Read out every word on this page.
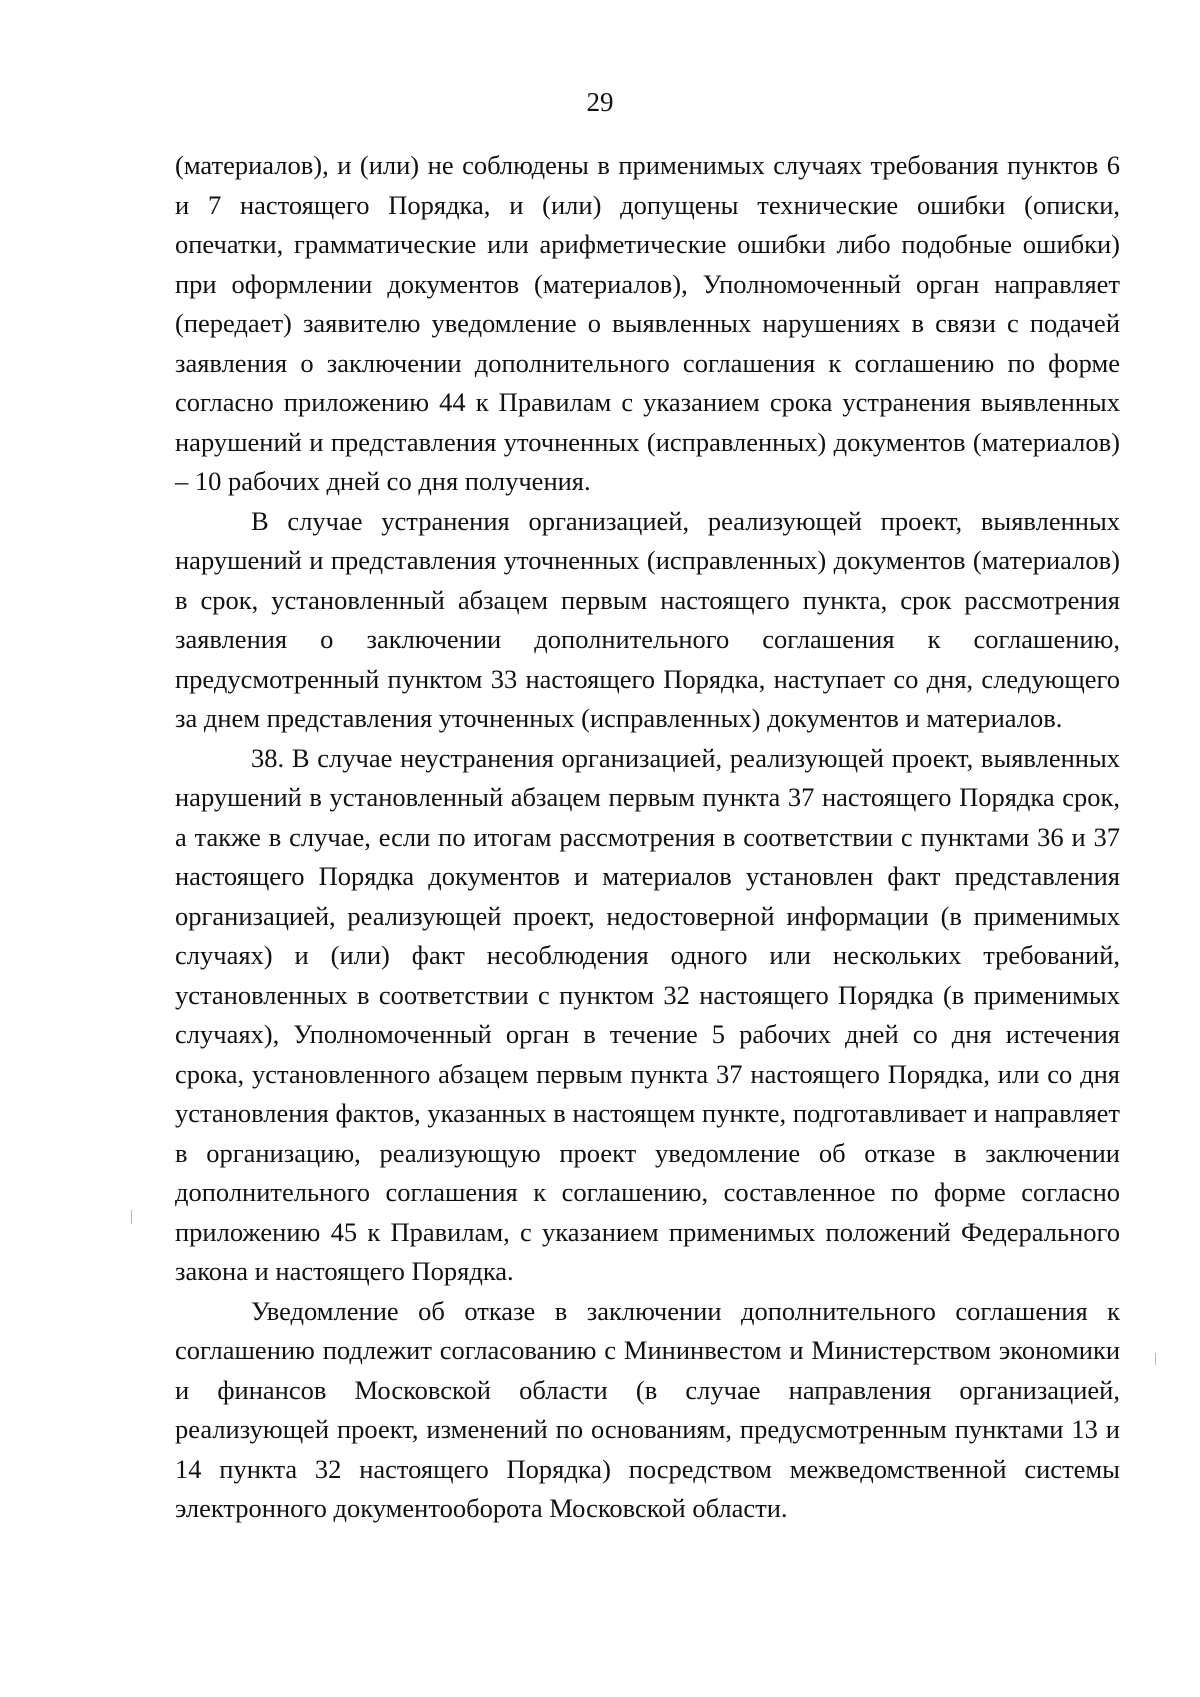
29

(материалов), и (или) не соблюдены в применимых случаях требования пунктов 6 и 7 настоящего Порядка, и (или) допущены технические ошибки (описки, опечатки, грамматические или арифметические ошибки либо подобные ошибки) при оформлении документов (материалов), Уполномоченный орган направляет (передает) заявителю уведомление о выявленных нарушениях в связи с подачей заявления о заключении дополнительного соглашения к соглашению по форме согласно приложению 44 к Правилам с указанием срока устранения выявленных нарушений и представления уточненных (исправленных) документов (материалов) – 10 рабочих дней со дня получения.

В случае устранения организацией, реализующей проект, выявленных нарушений и представления уточненных (исправленных) документов (материалов) в срок, установленный абзацем первым настоящего пункта, срок рассмотрения заявления о заключении дополнительного соглашения к соглашению, предусмотренный пунктом 33 настоящего Порядка, наступает со дня, следующего за днем представления уточненных (исправленных) документов и материалов.

38. В случае неустранения организацией, реализующей проект, выявленных нарушений в установленный абзацем первым пункта 37 настоящего Порядка срок, а также в случае, если по итогам рассмотрения в соответствии с пунктами 36 и 37 настоящего Порядка документов и материалов установлен факт представления организацией, реализующей проект, недостоверной информации (в применимых случаях) и (или) факт несоблюдения одного или нескольких требований, установленных в соответствии с пунктом 32 настоящего Порядка (в применимых случаях), Уполномоченный орган в течение 5 рабочих дней со дня истечения срока, установленного абзацем первым пункта 37 настоящего Порядка, или со дня установления фактов, указанных в настоящем пункте, подготавливает и направляет в организацию, реализующую проект уведомление об отказе в заключении дополнительного соглашения к соглашению, составленное по форме согласно приложению 45 к Правилам, с указанием применимых положений Федерального закона и настоящего Порядка.

Уведомление об отказе в заключении дополнительного соглашения к соглашению подлежит согласованию с Мининвестом и Министерством экономики и финансов Московской области (в случае направления организацией, реализующей проект, изменений по основаниям, предусмотренным пунктами 13 и 14 пункта 32 настоящего Порядка) посредством межведомственной системы электронного документооборота Московской области.
